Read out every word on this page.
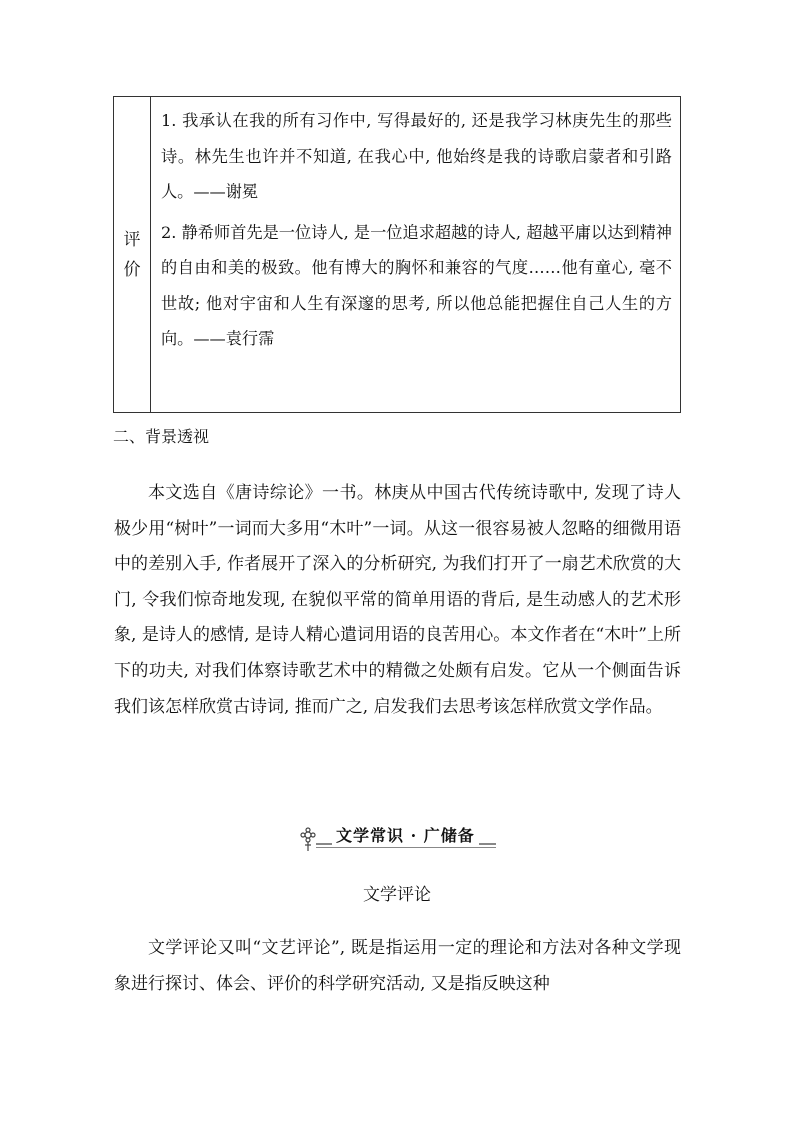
评
价

1. 我承认在我的所有习作中, 写得最好的, 还是我学习林庚先生的那些诗。林先生也许并不知道, 在我心中, 他始终是我的诗歌启蒙者和引路人。——谢冕

2. 静希师首先是一位诗人, 是一位追求超越的诗人, 超越平庸以达到精神的自由和美的极致。他有博大的胸怀和兼容的气度……他有童心, 毫不世故; 他对宇宙和人生有深邃的思考, 所以他总能把握住自己人生的方向。——袁行霈

二、背景透视

本文选自《唐诗综论》一书。林庚从中国古代传统诗歌中, 发现了诗人极少用“树叶”一词而大多用“木叶”一词。从这一很容易被人忽略的细微用语中的差别入手, 作者展开了深入的分析研究, 为我们打开了一扇艺术欣赏的大门, 令我们惊奇地发现, 在貌似平常的简单用语的背后, 是生动感人的艺术形象, 是诗人的感情, 是诗人精心遣词用语的良苦用心。本文作者在“木叶”上所下的功夫, 对我们体察诗歌艺术中的精微之处颇有启发。它从一个侧面告诉我们该怎样欣赏古诗词, 推而广之, 启发我们去思考该怎样欣赏文学作品。

文学常识 · 广储备
文学评论

文学评论又叫“文艺评论”, 既是指运用一定的理论和方法对各种文学现象进行探讨、体会、评价的科学研究活动, 又是指反映这种
